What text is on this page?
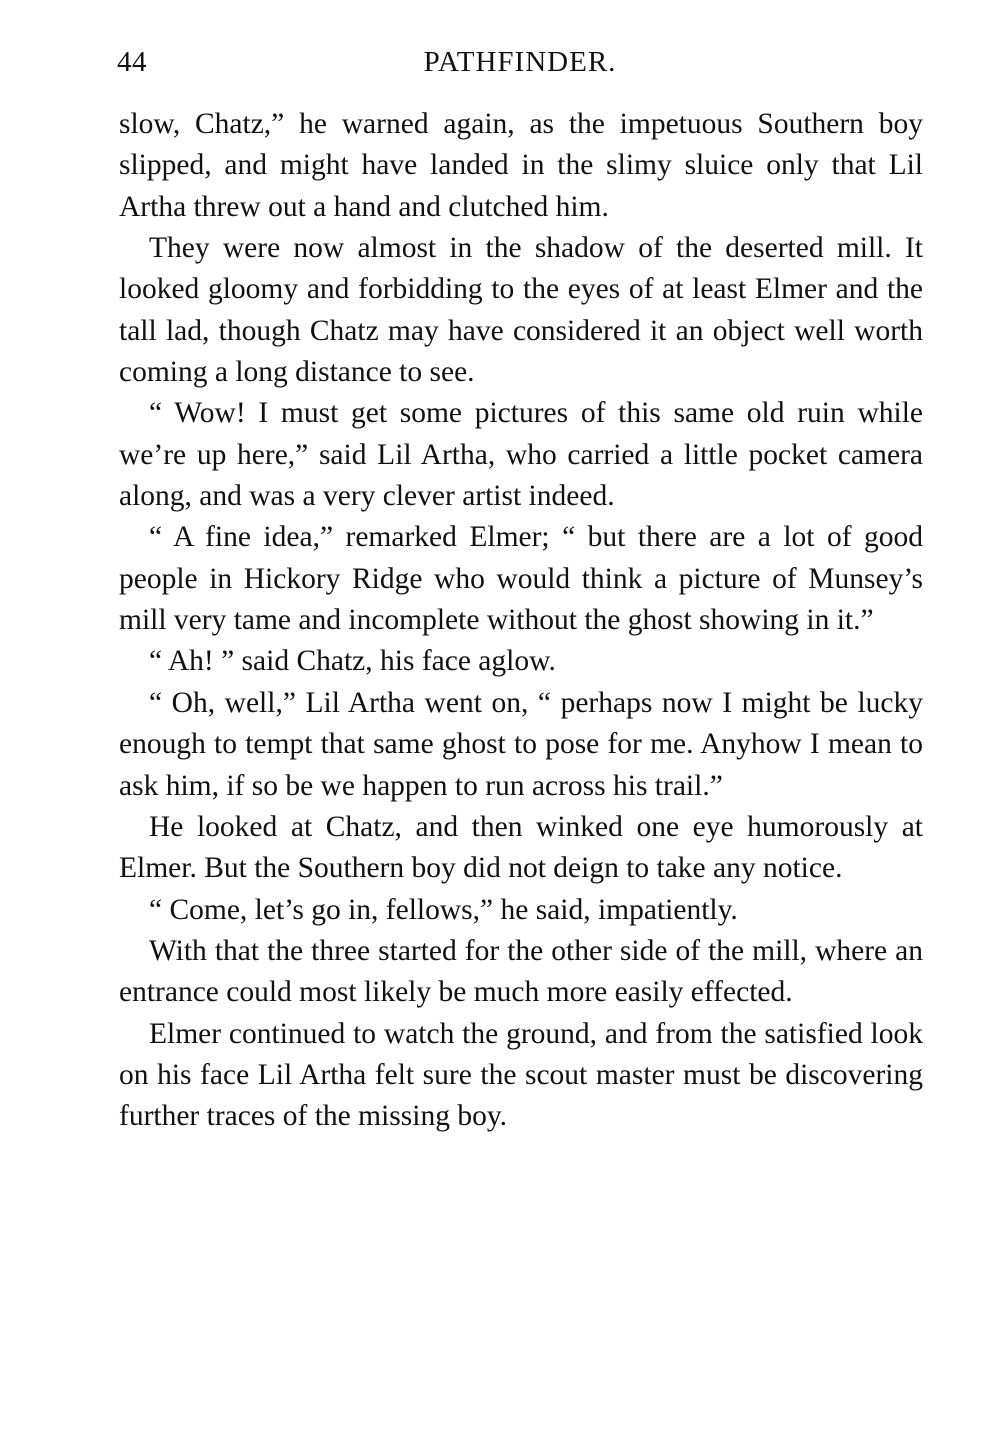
44	PATHFINDER.

slow, Chatz,” he warned again, as the impetuous Southern boy slipped, and might have landed in the slimy sluice only that Lil Artha threw out a hand and clutched him.

They were now almost in the shadow of the deserted mill. It looked gloomy and forbidding to the eyes of at least Elmer and the tall lad, though Chatz may have considered it an object well worth coming a long distance to see.

“ Wow! I must get some pictures of this same old ruin while we’re up here,” said Lil Artha, who carried a little pocket camera along, and was a very clever artist indeed.

“ A fine idea,” remarked Elmer; “ but there are a lot of good people in Hickory Ridge who would think a picture of Munsey’s mill very tame and incomplete without the ghost showing in it.”

“ Ah! ” said Chatz, his face aglow.

“ Oh, well,” Lil Artha went on, “ perhaps now I might be lucky enough to tempt that same ghost to pose for me. Anyhow I mean to ask him, if so be we happen to run across his trail.”

He looked at Chatz, and then winked one eye humorously at Elmer. But the Southern boy did not deign to take any notice.

“ Come, let’s go in, fellows,” he said, impatiently.

With that the three started for the other side of the mill, where an entrance could most likely be much more easily effected.

Elmer continued to watch the ground, and from the satisfied look on his face Lil Artha felt sure the scout master must be discovering further traces of the missing boy.
